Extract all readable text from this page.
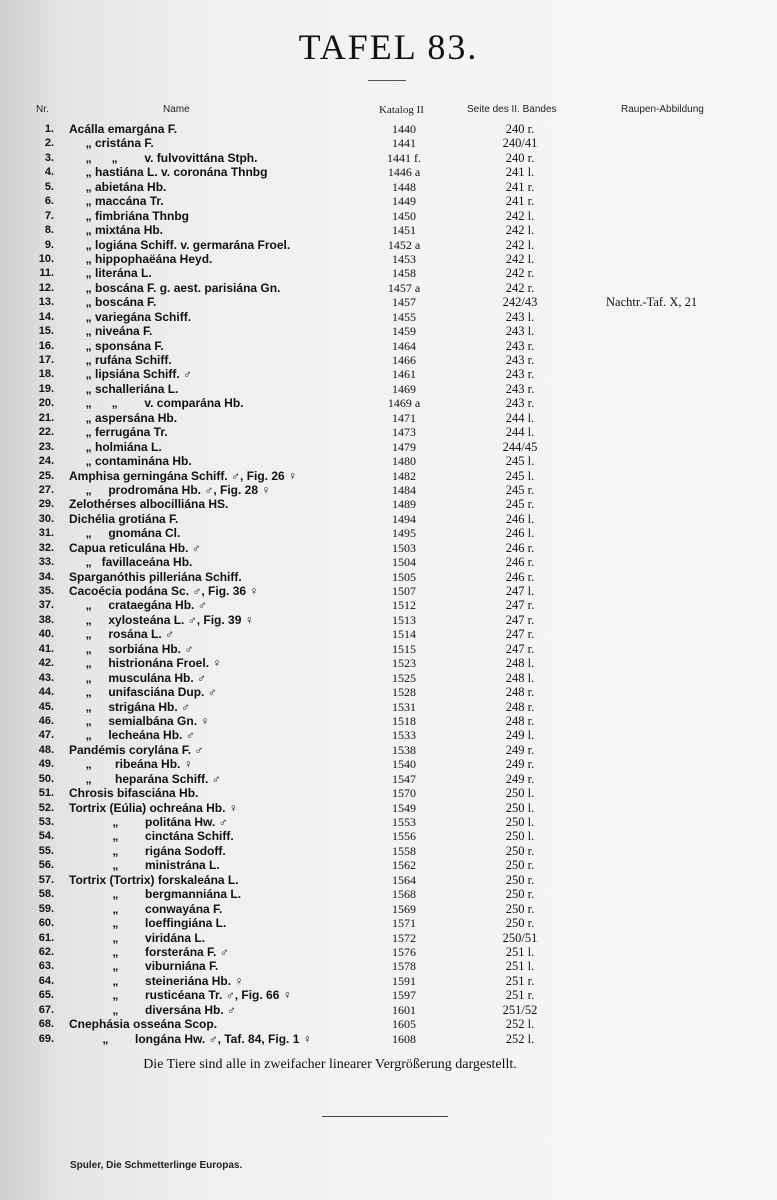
TAFEL 83.
Nr.	Name	Katalog II	Seite des II. Bandes	Raupen-Abbildung
1. Acálla emargána F.	1440	240 r.
2. „ cristána F.	1441	240/41
3. „      „        v. fulvovittána Stph.	1441 f.	240 r.
4. „ hastiána L. v. coronána Thnbg	1446 a	241 l.
5. „ abietána Hb.	1448	241 r.
6. „ maccána Tr.	1449	241 r.
7. „ fimbriána Thnbg	1450	242 l.
8. „ mixtána Hb.	1451	242 l.
9. „ logiána Schiff. v. germarána Froel.	1452 a	242 l.
10. „ hippophaëána Heyd.	1453	242 l.
11. „ literána L.	1458	242 r.
12. „ boscána F. g. aest. parisiána Gn.	1457 a	242 r.
13. „ boscána F.	1457	242/43	Nachtr.-Taf. X, 21
14. „ variegána Schiff.	1455	243 l.
15. „ niveána F.	1459	243 l.
16. „ sponsána F.	1464	243 r.
17. „ rufána Schiff.	1466	243 r.
18. „ lipsiána Schiff. ♂	1461	243 r.
19. „ schalleriána L.	1469	243 r.
20. „      „        v. comparána Hb.	1469 a	243 r.
21. „ aspersána Hb.	1471	244 l.
22. „ ferrugána Tr.	1473	244 l.
23. „ holmiána L.	1479	244/45
24. „ contaminána Hb.	1480	245 l.
25. Amphisa gerningána Schiff. ♂, Fig. 26 ♀	1482	245 l.
27. „     prodromána Hb. ♂, Fig. 28 ♀	1484	245 r.
29. Zelothérses albocilliána HS.	1489	245 r.
30. Dichélia grotiána F.	1494	246 l.
31. „     gnomána Cl.	1495	246 l.
32. Capua reticulána Hb. ♂	1503	246 r.
33. „   favillaceána Hb.	1504	246 r.
34. Sparganóthis pilleriána Schiff.	1505	246 r.
35. Cacoécia podána Sc. ♂, Fig. 36 ♀	1507	247 l.
37. „     crataegána Hb. ♂	1512	247 r.
38. „     xylosteána L. ♂, Fig. 39 ♀	1513	247 r.
40. „     rosána L. ♂	1514	247 r.
41. „     sorbiána Hb. ♂	1515	247 r.
42. „     histrionána Froel. ♀	1523	248 l.
43. „     musculána Hb. ♂	1525	248 l.
44. „     unifasciána Dup. ♂	1528	248 r.
45. „     strigána Hb. ♂	1531	248 r.
46. „     semialbána Gn. ♀	1518	248 r.
47. „     lecheána Hb. ♂	1533	249 l.
48. Pandémis corylána F. ♂	1538	249 r.
49. „       ribeána Hb. ♀	1540	249 r.
50. „       heparána Schiff. ♂	1547	249 r.
51. Chrosis bifasciána Hb.	1570	250 l.
52. Tortrix (Eúlia) ochreána Hb. ♀	1549	250 l.
53. „        politána Hw. ♂	1553	250 l.
54. „        cinctána Schiff.	1556	250 l.
55. „        rigána Sodoff.	1558	250 r.
56. „        ministrána L.	1562	250 r.
57. Tortrix (Tortrix) forskaleána L.	1564	250 r.
58. „        bergmanniána L.	1568	250 r.
59. „        conwayána F.	1569	250 r.
60. „        loeffingiána L.	1571	250 r.
61. „        viridána L.	1572	250/51
62. „        forsterána F. ♂	1576	251 l.
63. „        viburniána F.	1578	251 l.
64. „        steineriána Hb. ♀	1591	251 r.
65. „        rusticéana Tr. ♂, Fig. 66 ♀	1597	251 r.
67. „        diversána Hb. ♂	1601	251/52
68. Cnephásia osseána Scop.	1605	252 l.
69. „        longána Hw. ♂, Taf. 84, Fig. 1 ♀	1608	252 l.
Die Tiere sind alle in zweifacher linearer Vergrößerung dargestellt.
Spuler, Die Schmetterlinge Europas.
